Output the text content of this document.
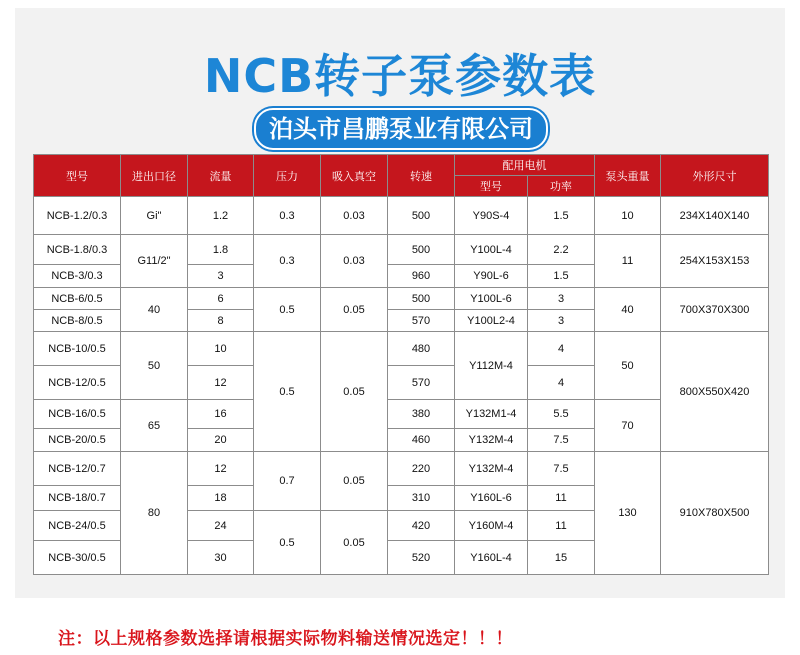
NCB转子泵参数表
泊头市昌鹏泵业有限公司
型号	进出口径	流量	压力	吸入真空	转速	配用电机		泵头重量	外形尺寸
						型号	功率		
NCB-1.2/0.3	Gi"	1.2	0.3	0.03	500	Y90S-4	1.5	10	234X140X140
NCB-1.8/0.3	G11/2"	1.8	0.3	0.03	500	Y100L-4	2.2	11	254X153X153
NCB-3/0.3		3			960	Y90L-6	1.5		
NCB-6/0.5	40	6	0.5	0.05	500	Y100L-6	3	40	700X370X300
NCB-8/0.5		8			570	Y100L2-4	3		
NCB-10/0.5	50	10	0.5	0.05	480	Y112M-4	4	50	800X550X420
NCB-12/0.5		12			570		4		
NCB-16/0.5	65	16			380	Y132M1-4	5.5	70	
NCB-20/0.5		20			460	Y132M-4	7.5		
NCB-12/0.7	80	12	0.7	0.05	220	Y132M-4	7.5	130	910X780X500
NCB-18/0.7		18			310	Y160L-6	11		
NCB-24/0.5		24	0.5	0.05	420	Y160M-4	11		
NCB-30/0.5		30			520	Y160L-4	15		
注：以上规格参数选择请根据实际物料输送情况选定！！！
